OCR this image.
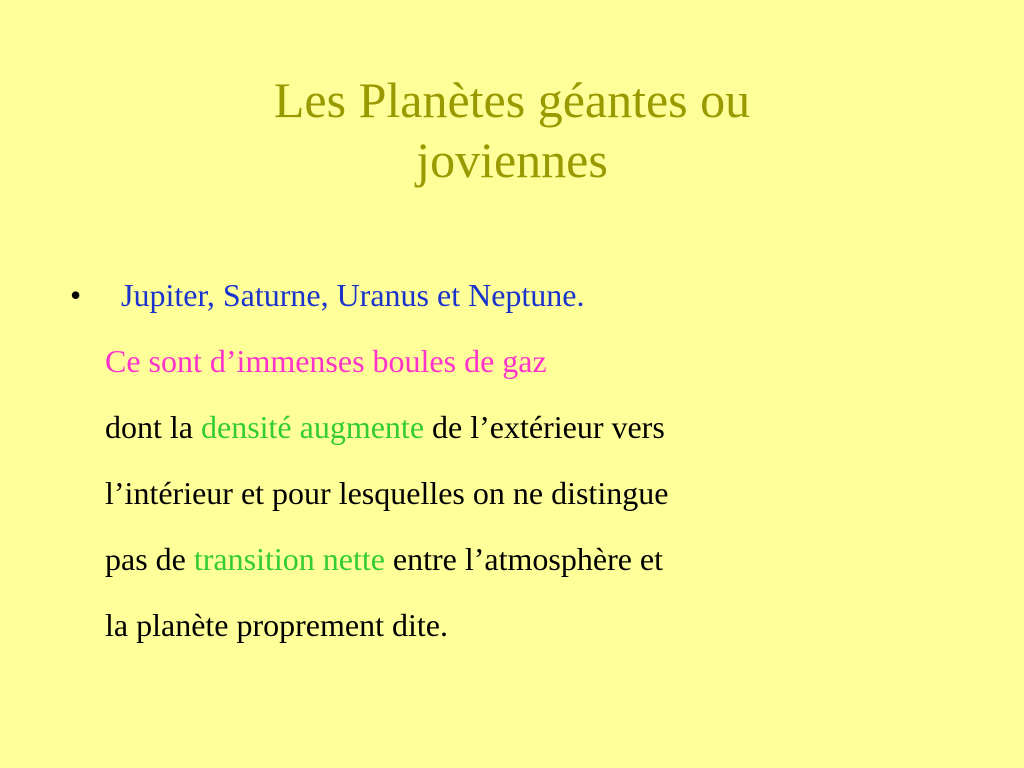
Les Planètes géantes ou
joviennes
• Jupiter, Saturne, Uranus et Neptune.
Ce sont d’immenses boules de gaz
dont la densité augmente de l’extérieur vers
l’intérieur et pour lesquelles on ne distingue
pas de transition nette entre l’atmosphère et
la planète proprement dite.
